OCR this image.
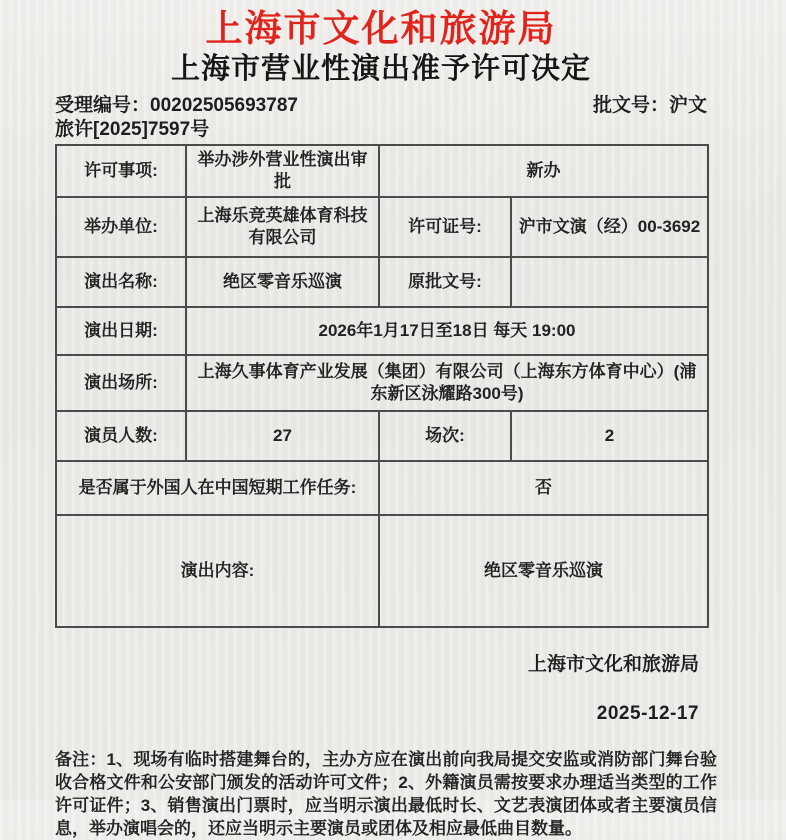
上海市文化和旅游局
上海市营业性演出准予许可决定
受理编号：00202505693787	批文号：沪文
旅许[2025]7597号
许可事项:	举办涉外营业性演出审批	新办	
举办单位:	上海乐竞英雄体育科技有限公司	许可证号:	沪市文演（经）00-3692
演出名称:	绝区零音乐巡演	原批文号:	
演出日期:	2026年1月17日至18日 每天 19:00		
演出场所:	上海久事体育产业发展（集团）有限公司（上海东方体育中心）(浦东新区泳耀路300号)		
演员人数:	27	场次:	2
是否属于外国人在中国短期工作任务:		否	
演出内容:		绝区零音乐巡演	
上海市文化和旅游局
2025-12-17
备注：1、现场有临时搭建舞台的，主办方应在演出前向我局提交安监或消防部门舞台验收合格文件和公安部门颁发的活动许可文件；2、外籍演员需按要求办理适当类型的工作许可证件；3、销售演出门票时，应当明示演出最低时长、文艺表演团体或者主要演员信息，举办演唱会的，还应当明示主要演员或团体及相应最低曲目数量。
